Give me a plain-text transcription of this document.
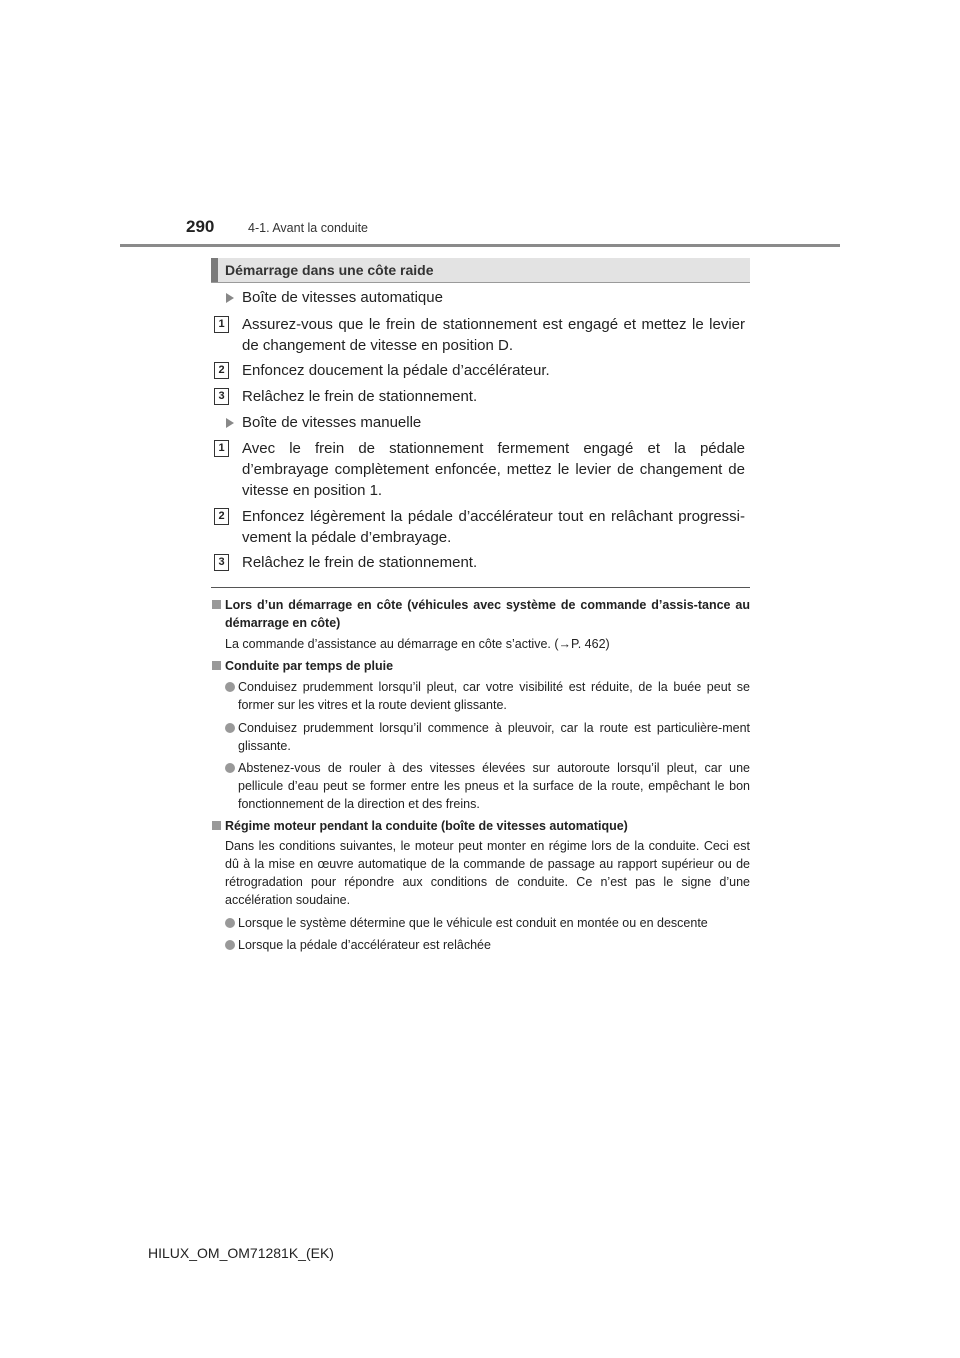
290	4-1. Avant la conduite
Démarrage dans une côte raide
Boîte de vitesses automatique
1 Assurez-vous que le frein de stationnement est engagé et mettez le levier de changement de vitesse en position D.
2 Enfoncez doucement la pédale d’accélérateur.
3 Relâchez le frein de stationnement.
Boîte de vitesses manuelle
1 Avec le frein de stationnement fermement engagé et la pédale d’embrayage complètement enfoncée, mettez le levier de changement de vitesse en position 1.
2 Enfoncez légèrement la pédale d’accélérateur tout en relâchant progressi-vement la pédale d’embrayage.
3 Relâchez le frein de stationnement.
Lors d’un démarrage en côte (véhicules avec système de commande d’assis-tance au démarrage en côte)
La commande d’assistance au démarrage en côte s’active. (→P. 462)
Conduite par temps de pluie
Conduisez prudemment lorsqu’il pleut, car votre visibilité est réduite, de la buée peut se former sur les vitres et la route devient glissante.
Conduisez prudemment lorsqu’il commence à pleuvoir, car la route est particulière-ment glissante.
Abstenez-vous de rouler à des vitesses élevées sur autoroute lorsqu’il pleut, car une pellicule d’eau peut se former entre les pneus et la surface de la route, empêchant le bon fonctionnement de la direction et des freins.
Régime moteur pendant la conduite (boîte de vitesses automatique)
Dans les conditions suivantes, le moteur peut monter en régime lors de la conduite. Ceci est dû à la mise en œuvre automatique de la commande de passage au rapport supérieur ou de rétrogradation pour répondre aux conditions de conduite. Ce n’est pas le signe d’une accélération soudaine.
Lorsque le système détermine que le véhicule est conduit en montée ou en descente
Lorsque la pédale d’accélérateur est relâchée
HILUX_OM_OM71281K_(EK)
